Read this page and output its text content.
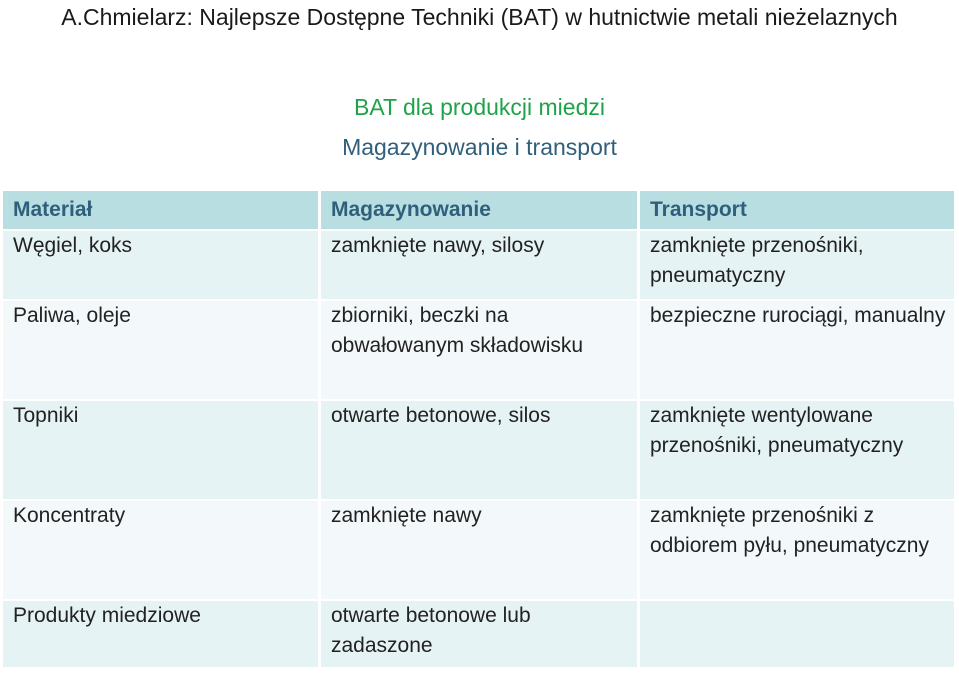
A.Chmielarz: Najlepsze Dostępne Techniki (BAT) w hutnictwie metali nieżelaznych
BAT dla produkcji miedzi
Magazynowanie i transport
Materiał	Magazynowanie	Transport
Węgiel, koks	zamknięte nawy, silosy	zamknięte przenośniki, pneumatyczny
Paliwa, oleje	zbiorniki, beczki na obwałowanym składowisku	bezpieczne rurociągi, manualny
Topniki	otwarte betonowe, silos	zamknięte wentylowane przenośniki, pneumatyczny
Koncentraty	zamknięte nawy	zamknięte przenośniki z odbiorem pyłu, pneumatyczny
Produkty miedziowe	otwarte betonowe lub zadaszone	
